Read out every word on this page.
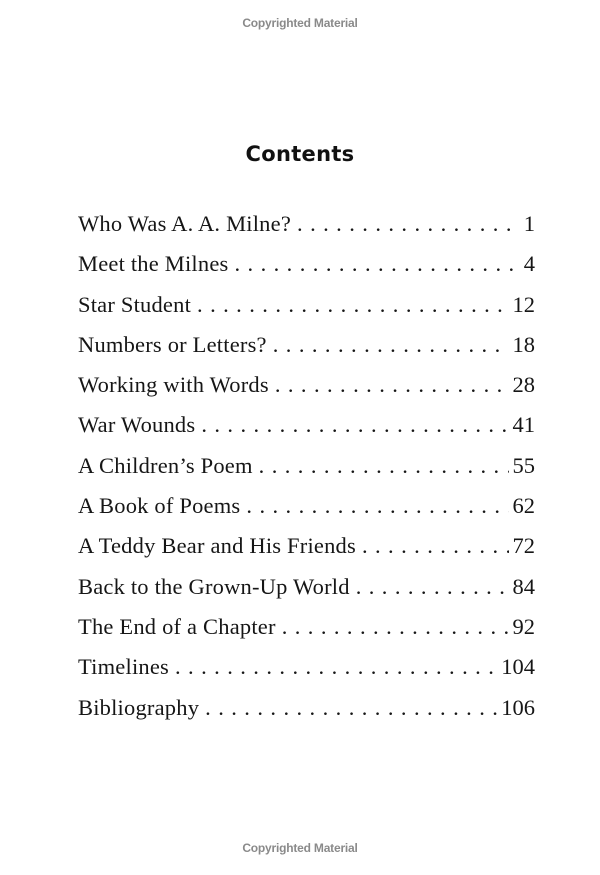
Copyrighted Material
Contents
Who Was A. A. Milne? . . .	1
Meet the Milnes . . .	4
Star Student . . .	12
Numbers or Letters? . . .	18
Working with Words . . .	28
War Wounds . . .	41
A Children’s Poem . . .	55
A Book of Poems . . .	62
A Teddy Bear and His Friends . . .	72
Back to the Grown-Up World . . .	84
The End of a Chapter . . .	92
Timelines . . .	104
Bibliography . . .	106
Copyrighted Material
